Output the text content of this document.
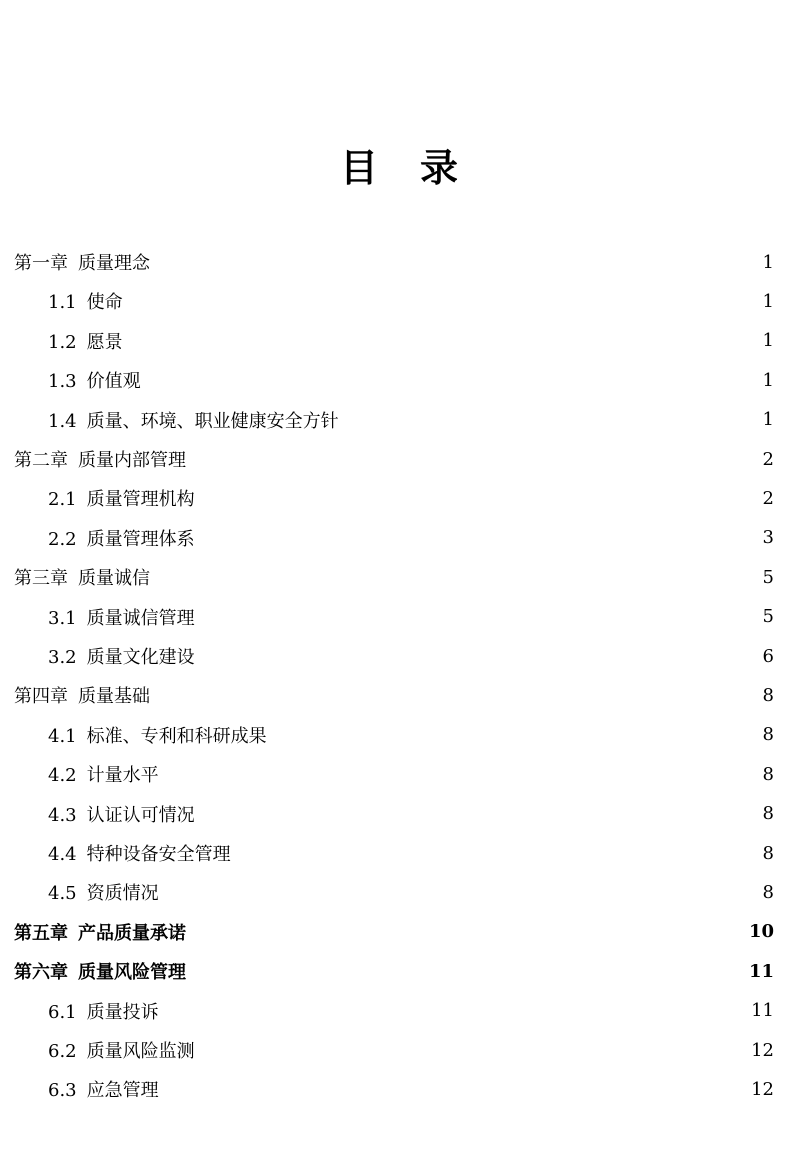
目 录
第一章 质量理念	1
1.1 使命	1
1.2 愿景	1
1.3 价值观	1
1.4 质量、环境、职业健康安全方针	1
第二章 质量内部管理	2
2.1 质量管理机构	2
2.2 质量管理体系	3
第三章 质量诚信	5
3.1 质量诚信管理	5
3.2 质量文化建设	6
第四章 质量基础	8
4.1 标准、专利和科研成果	8
4.2 计量水平	8
4.3 认证认可情况	8
4.4 特种设备安全管理	8
4.5 资质情况	8
第五章 产品质量承诺	10
第六章 质量风险管理	11
6.1 质量投诉	11
6.2 质量风险监测	12
6.3 应急管理	12
